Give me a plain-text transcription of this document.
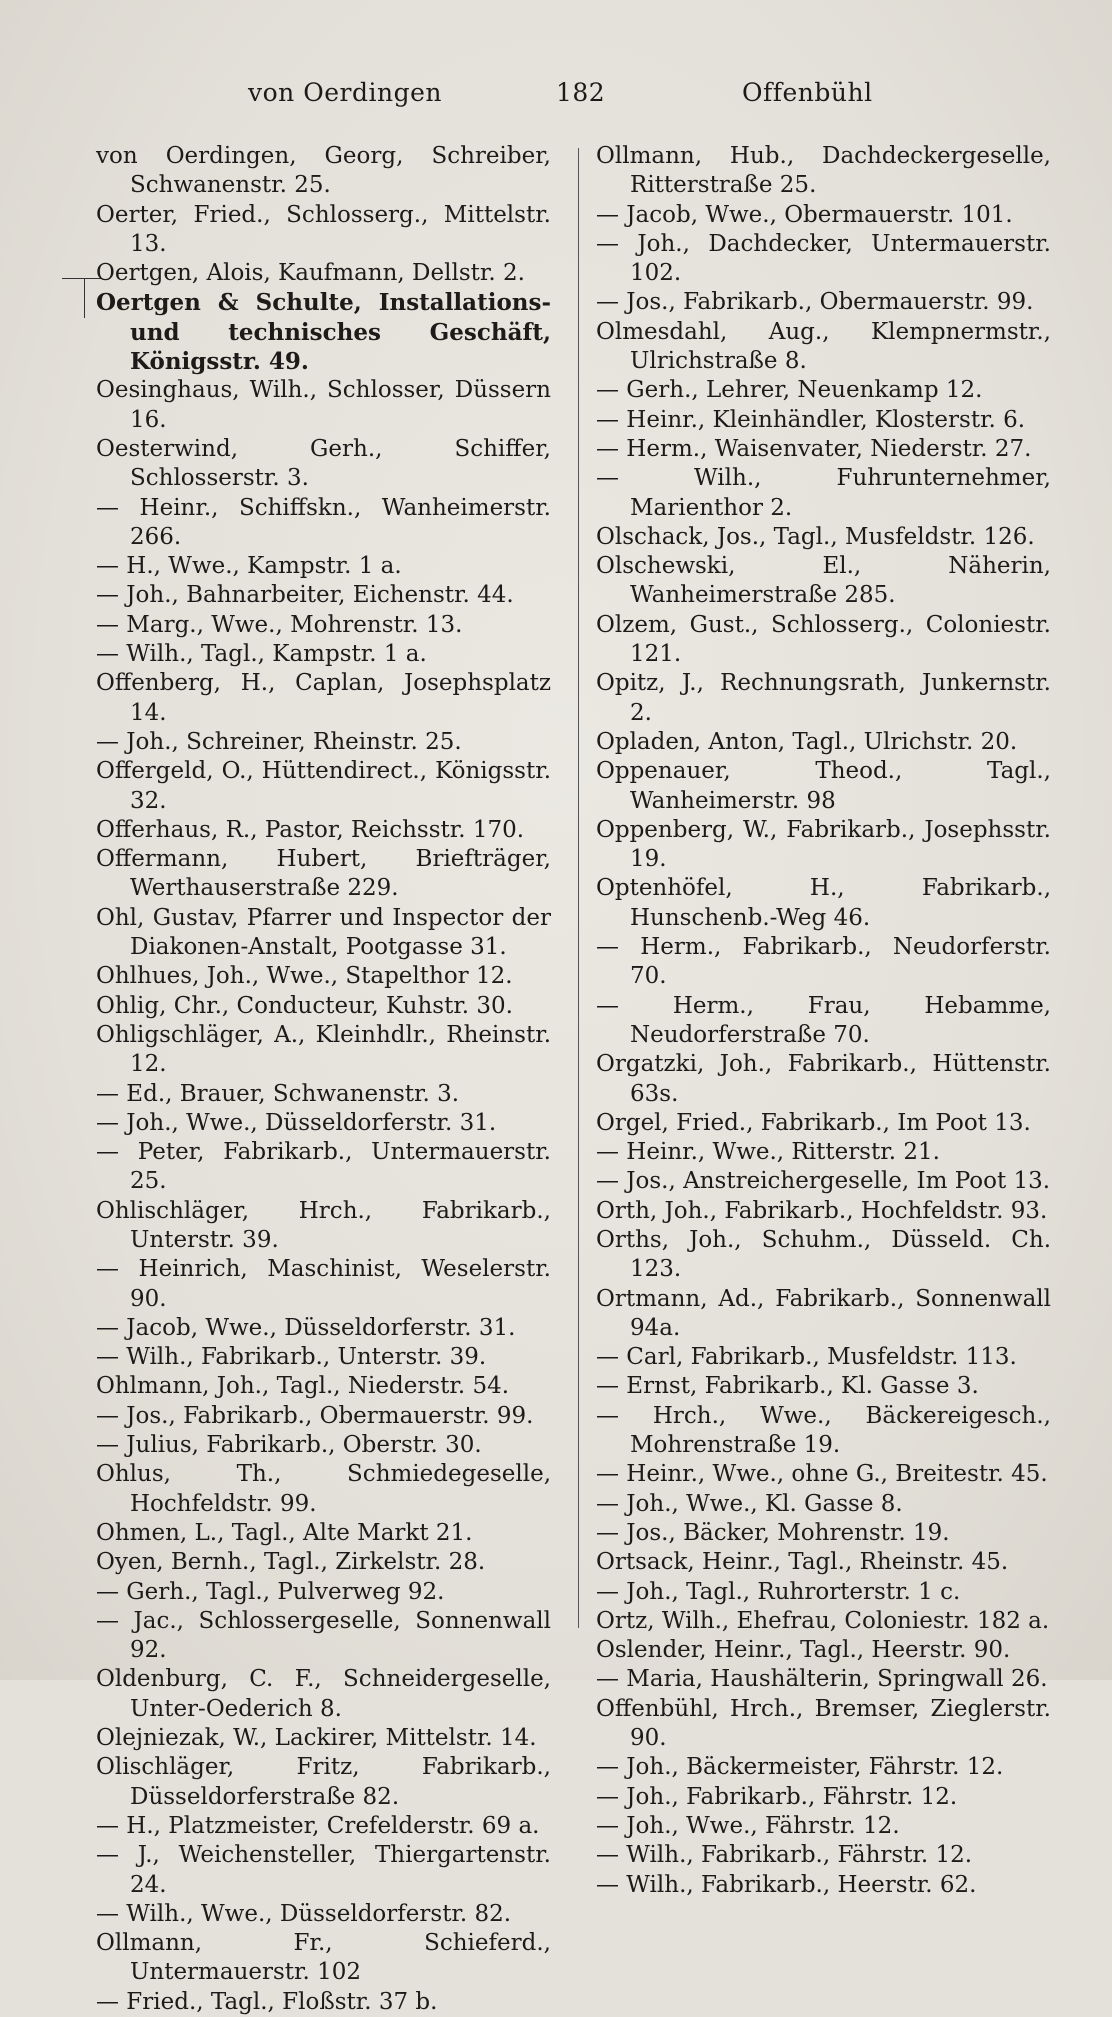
von Oerdingen	182	Offenbühl
von Oerdingen, Georg, Schreiber, Schwanenstr. 25.
Oerter, Fried., Schlosserg., Mittelstr. 13.
Oertgen, Alois, Kaufmann, Dellstr. 2.
Oertgen & Schulte, Installations- und technisches Geschäft, Königsstr. 49.
Oesinghaus, Wilh., Schlosser, Düssern 16.
Oesterwind, Gerh., Schiffer, Schlosserstr. 3.
— Heinr., Schiffskn., Wanheimerstr. 266.
— H., Wwe., Kampstr. 1 a.
— Joh., Bahnarbeiter, Eichenstr. 44.
— Marg., Wwe., Mohrenstr. 13.
— Wilh., Tagl., Kampstr. 1 a.
Offenberg, H., Caplan, Josephsplatz 14.
— Joh., Schreiner, Rheinstr. 25.
Offergeld, O., Hüttendirect., Königsstr. 32.
Offerhaus, R., Pastor, Reichsstr. 170.
Offermann, Hubert, Briefträger, Werthauserstraße 229.
Ohl, Gustav, Pfarrer und Inspector der Diakonen-Anstalt, Pootgasse 31.
Ohlhues, Joh., Wwe., Stapelthor 12.
Ohlig, Chr., Conducteur, Kuhstr. 30.
Ohligschläger, A., Kleinhdlr., Rheinstr. 12.
— Ed., Brauer, Schwanenstr. 3.
— Joh., Wwe., Düsseldorferstr. 31.
— Peter, Fabrikarb., Untermauerstr. 25.
Ohlischläger, Hrch., Fabrikarb., Unterstr. 39.
— Heinrich, Maschinist, Weselerstr. 90.
— Jacob, Wwe., Düsseldorferstr. 31.
— Wilh., Fabrikarb., Unterstr. 39.
Ohlmann, Joh., Tagl., Niederstr. 54.
— Jos., Fabrikarb., Obermauerstr. 99.
— Julius, Fabrikarb., Oberstr. 30.
Ohlus, Th., Schmiedegeselle, Hochfeldstr. 99.
Ohmen, L., Tagl., Alte Markt 21.
Oyen, Bernh., Tagl., Zirkelstr. 28.
— Gerh., Tagl., Pulverweg 92.
— Jac., Schlossergeselle, Sonnenwall 92.
Oldenburg, C. F., Schneidergeselle, Unter-Oederich 8.
Olejniezak, W., Lackirer, Mittelstr. 14.
Olischläger, Fritz, Fabrikarb., Düsseldorferstraße 82.
— H., Platzmeister, Crefelderstr. 69 a.
— J., Weichensteller, Thiergartenstr. 24.
— Wilh., Wwe., Düsseldorferstr. 82.
Ollmann, Fr., Schieferd., Untermauerstr. 102
— Fried., Tagl., Floßstr. 37 b.
Ollmann, Hub., Dachdeckergeselle, Ritterstraße 25.
— Jacob, Wwe., Obermauerstr. 101.
— Joh., Dachdecker, Untermauerstr. 102.
— Jos., Fabrikarb., Obermauerstr. 99.
Olmesdahl, Aug., Klempnermstr., Ulrichstraße 8.
— Gerh., Lehrer, Neuenkamp 12.
— Heinr., Kleinhändler, Klosterstr. 6.
— Herm., Waisenvater, Niederstr. 27.
— Wilh., Fuhrunternehmer, Marienthor 2.
Olschack, Jos., Tagl., Musfeldstr. 126.
Olschewski, El., Näherin, Wanheimerstraße 285.
Olzem, Gust., Schlosserg., Coloniestr. 121.
Opitz, J., Rechnungsrath, Junkernstr. 2.
Opladen, Anton, Tagl., Ulrichstr. 20.
Oppenauer, Theod., Tagl., Wanheimerstr. 98
Oppenberg, W., Fabrikarb., Josephsstr. 19.
Optenhöfel, H., Fabrikarb., Hunschenb.-Weg 46.
— Herm., Fabrikarb., Neudorferstr. 70.
— Herm., Frau, Hebamme, Neudorferstraße 70.
Orgatzki, Joh., Fabrikarb., Hüttenstr. 63s.
Orgel, Fried., Fabrikarb., Im Poot 13.
— Heinr., Wwe., Ritterstr. 21.
— Jos., Anstreichergeselle, Im Poot 13.
Orth, Joh., Fabrikarb., Hochfeldstr. 93.
Orths, Joh., Schuhm., Düsseld. Ch. 123.
Ortmann, Ad., Fabrikarb., Sonnenwall 94a.
— Carl, Fabrikarb., Musfeldstr. 113.
— Ernst, Fabrikarb., Kl. Gasse 3.
— Hrch., Wwe., Bäckereigesch., Mohrenstraße 19.
— Heinr., Wwe., ohne G., Breitestr. 45.
— Joh., Wwe., Kl. Gasse 8.
— Jos., Bäcker, Mohrenstr. 19.
Ortsack, Heinr., Tagl., Rheinstr. 45.
— Joh., Tagl., Ruhrorterstr. 1 c.
Ortz, Wilh., Ehefrau, Coloniestr. 182 a.
Oslender, Heinr., Tagl., Heerstr. 90.
— Maria, Haushälterin, Springwall 26.
Offenbühl, Hrch., Bremser, Zieglerstr. 90.
— Joh., Bäckermeister, Fährstr. 12.
— Joh., Fabrikarb., Fährstr. 12.
— Joh., Wwe., Fährstr. 12.
— Wilh., Fabrikarb., Fährstr. 12.
— Wilh., Fabrikarb., Heerstr. 62.
